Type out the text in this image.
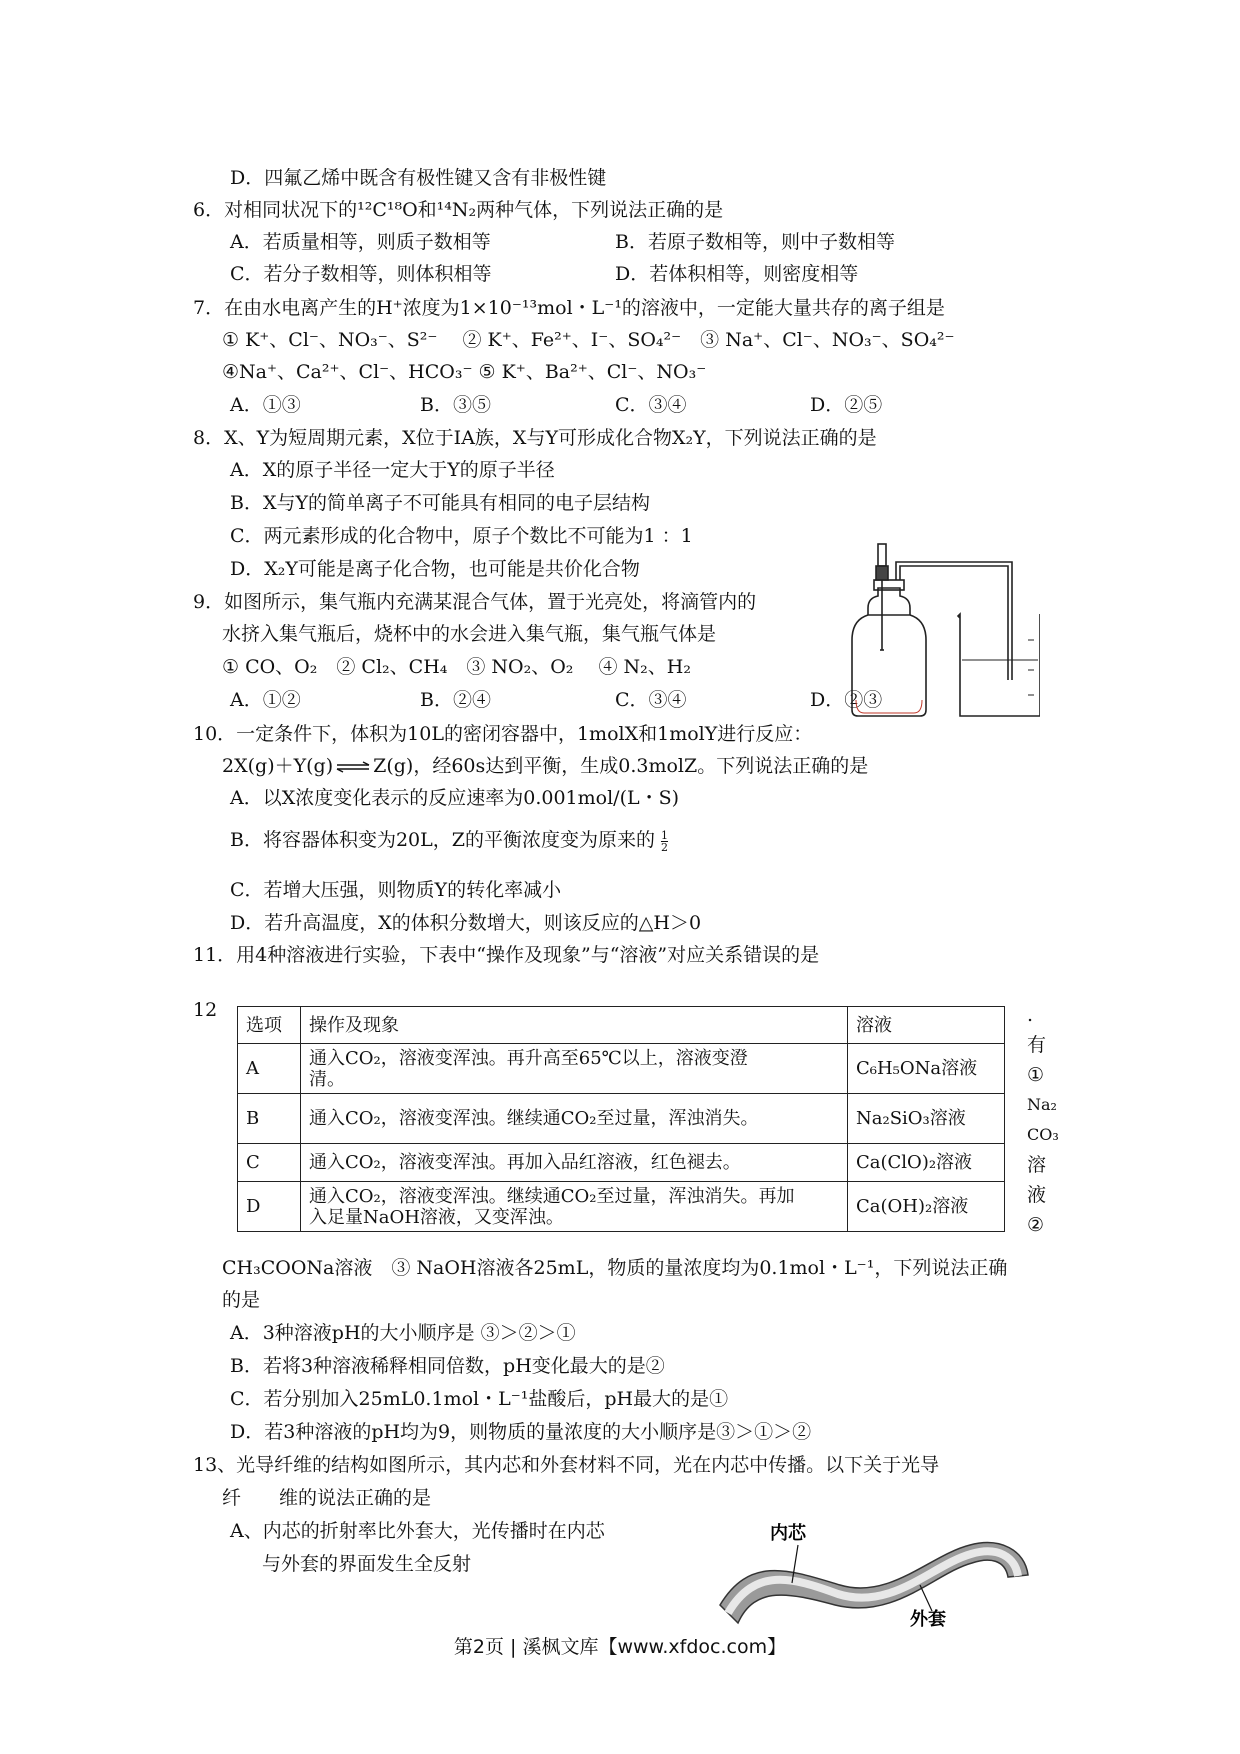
D．四氟乙烯中既含有极性键又含有非极性键
6．对相同状况下的¹²C¹⁸O和¹⁴N₂两种气体，下列说法正确的是
A．若质量相等，则质子数相等	B．若原子数相等，则中子数相等
C．若分子数相等，则体积相等	D．若体积相等，则密度相等
7．在由水电离产生的H⁺浓度为1×10⁻¹³mol・L⁻¹的溶液中，一定能大量共存的离子组是
① K⁺、Cl⁻、NO₃⁻、S²⁻　 ② K⁺、Fe²⁺、I⁻、SO₄²⁻　③ Na⁺、Cl⁻、NO₃⁻、SO₄²⁻
④Na⁺、Ca²⁺、Cl⁻、HCO₃⁻ ⑤ K⁺、Ba²⁺、Cl⁻、NO₃⁻
A．①③	B．③⑤	C．③④	D．②⑤
8．X、Y为短周期元素，X位于IA族，X与Y可形成化合物X₂Y，下列说法正确的是
A．X的原子半径一定大于Y的原子半径
B．X与Y的简单离子不可能具有相同的电子层结构
C．两元素形成的化合物中，原子个数比不可能为1 ：1
D．X₂Y可能是离子化合物，也可能是共价化合物
9．如图所示，集气瓶内充满某混合气体，置于光亮处，将滴管内的
水挤入集气瓶后，烧杯中的水会进入集气瓶，集气瓶气体是
① CO、O₂　② Cl₂、CH₄　③ NO₂、O₂　 ④ N₂、H₂
A．①②	B．②④	C．③④	D．②③
10．一定条件下，体积为10L的密闭容器中，1molX和1molY进行反应：
2X(g)＋Y(g) ⇌ Z(g)，经60s达到平衡，生成0.3molZ。下列说法正确的是
A．以X浓度变化表示的反应速率为0.001mol/(L・S)
B．将容器体积变为20L，Z的平衡浓度变为原来的 $\frac{1}{2}$
C．若增大压强，则物质Y的转化率减小
D．若升高温度，X的体积分数增大，则该反应的△H＞0
11．用4种溶液进行实验，下表中“操作及现象”与“溶液”对应关系错误的是
12
选项	操作及现象	溶液
A	通入CO₂，溶液变浑浊。再升高至65℃以上，溶液变澄清。	C₆H₅ONa溶液
B	通入CO₂，溶液变浑浊。继续通CO₂至过量，浑浊消失。	Na₂SiO₃溶液
C	通入CO₂，溶液变浑浊。再加入品红溶液，红色褪去。	Ca(ClO)₂溶液
D	通入CO₂，溶液变浑浊。继续通CO₂至过量，浑浊消失。再加入足量NaOH溶液，又变浑浊。	Ca(OH)₂溶液
.
有
①
Na₂
CO₃
溶
液
②
CH₃COONa溶液　③ NaOH溶液各25mL，物质的量浓度均为0.1mol・L⁻¹，下列说法正确
的是
A．3种溶液pH的大小顺序是 ③＞②＞①
B．若将3种溶液稀释相同倍数，pH变化最大的是②
C．若分别加入25mL0.1mol・L⁻¹盐酸后，pH最大的是①
D．若3种溶液的pH均为9，则物质的量浓度的大小顺序是③＞①＞②
13、光导纤维的结构如图所示，其内芯和外套材料不同，光在内芯中传播。以下关于光导
纤　　维的说法正确的是
A、内芯的折射率比外套大，光传播时在内芯
与外套的界面发生全反射
内芯
外套
第2页 | 溪枫文库【www.xfdoc.com】
